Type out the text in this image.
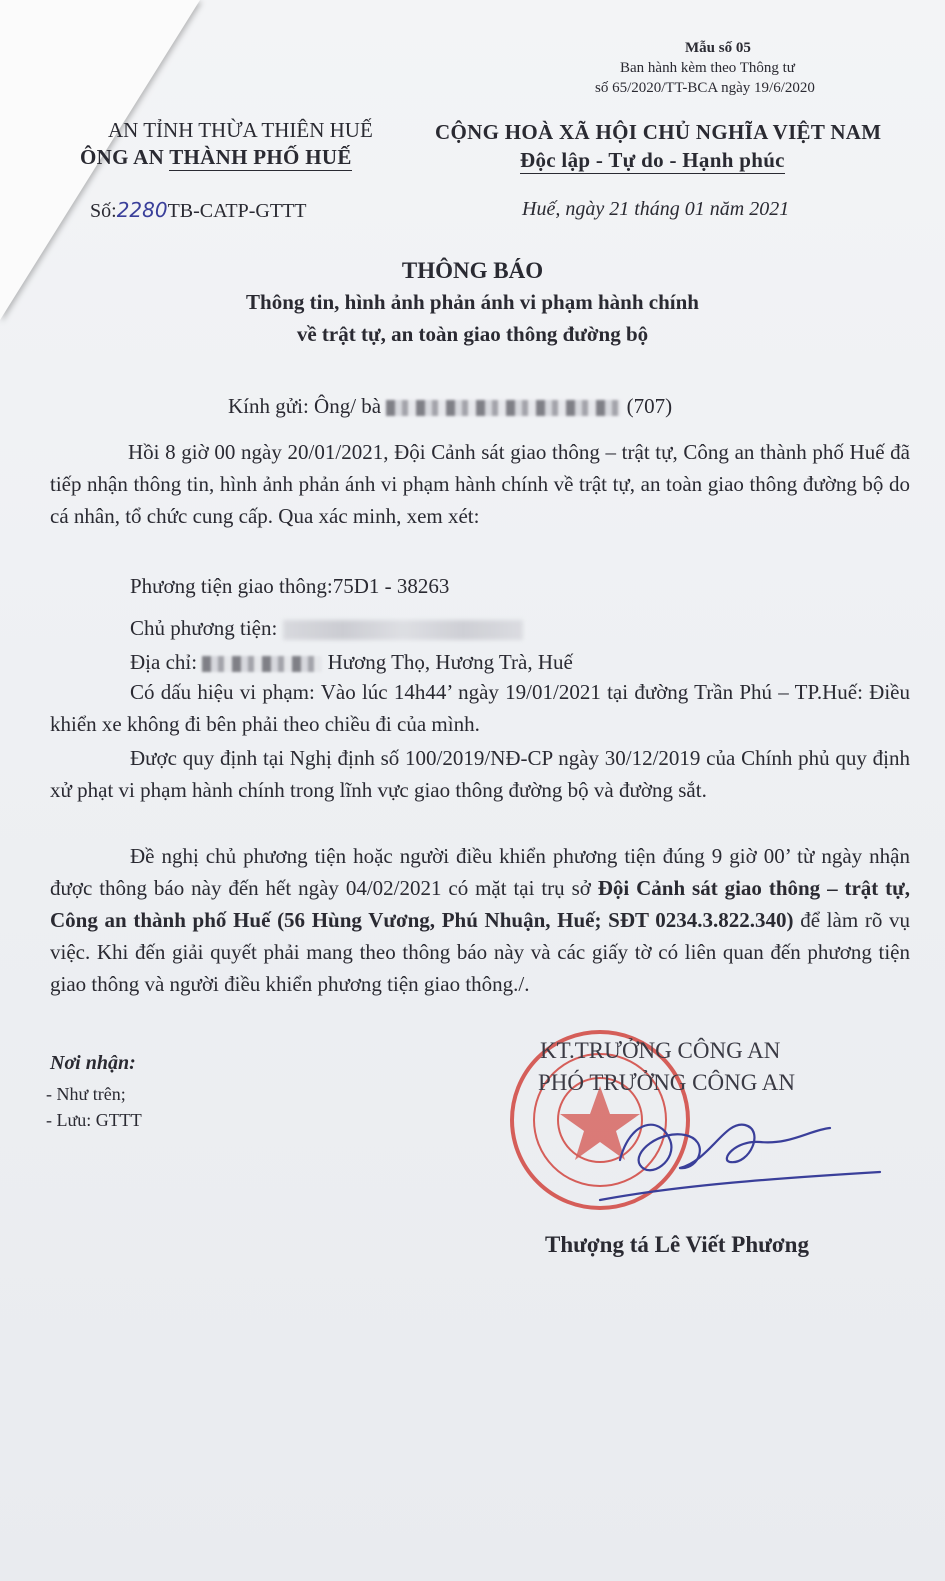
Mẫu số 05
Ban hành kèm theo Thông tư
số 65/2020/TT-BCA ngày 19/6/2020
AN TỈNH THỪA THIÊN HUẾ
ÔNG AN THÀNH PHỐ HUẾ
Số:2280TB-CATP-GTTT
CỘNG HOÀ XÃ HỘI CHỦ NGHĨA VIỆT NAM
Độc lập - Tự do - Hạnh phúc
Huế, ngày 21 tháng 01 năm 2021
THÔNG BÁO
Thông tin, hình ảnh phản ánh vi phạm hành chính
về trật tự, an toàn giao thông đường bộ
Kính gửi: Ông/ bà	(707)
Hồi 8 giờ 00 ngày 20/01/2021, Đội Cảnh sát giao thông – trật tự, Công an thành phố Huế đã tiếp nhận thông tin, hình ảnh phản ánh vi phạm hành chính về trật tự, an toàn giao thông đường bộ do cá nhân, tổ chức cung cấp. Qua xác minh, xem xét:
Phương tiện giao thông:75D1 - 38263
Chủ phương tiện:
Địa chỉ:	Hương Thọ, Hương Trà, Huế
Có dấu hiệu vi phạm: Vào lúc 14h44’ ngày 19/01/2021 tại đường Trần Phú – TP.Huế: Điều khiển xe không đi bên phải theo chiều đi của mình.
Được quy định tại Nghị định số 100/2019/NĐ-CP ngày 30/12/2019 của Chính phủ quy định xử phạt vi phạm hành chính trong lĩnh vực giao thông đường bộ và đường sắt.
Đề nghị chủ phương tiện hoặc người điều khiển phương tiện đúng 9 giờ 00’ từ ngày nhận được thông báo này đến hết ngày 04/02/2021 có mặt tại trụ sở Đội Cảnh sát giao thông – trật tự, Công an thành phố Huế (56 Hùng Vương, Phú Nhuận, Huế; SĐT 0234.3.822.340) để làm rõ vụ việc. Khi đến giải quyết phải mang theo thông báo này và các giấy tờ có liên quan đến phương tiện giao thông và người điều khiển phương tiện giao thông./.
Nơi nhận:
- Như trên;
- Lưu: GTTT
KT.TRƯỞNG CÔNG AN
PHÓ TRƯỞNG CÔNG AN
Thượng tá Lê Viết Phương
